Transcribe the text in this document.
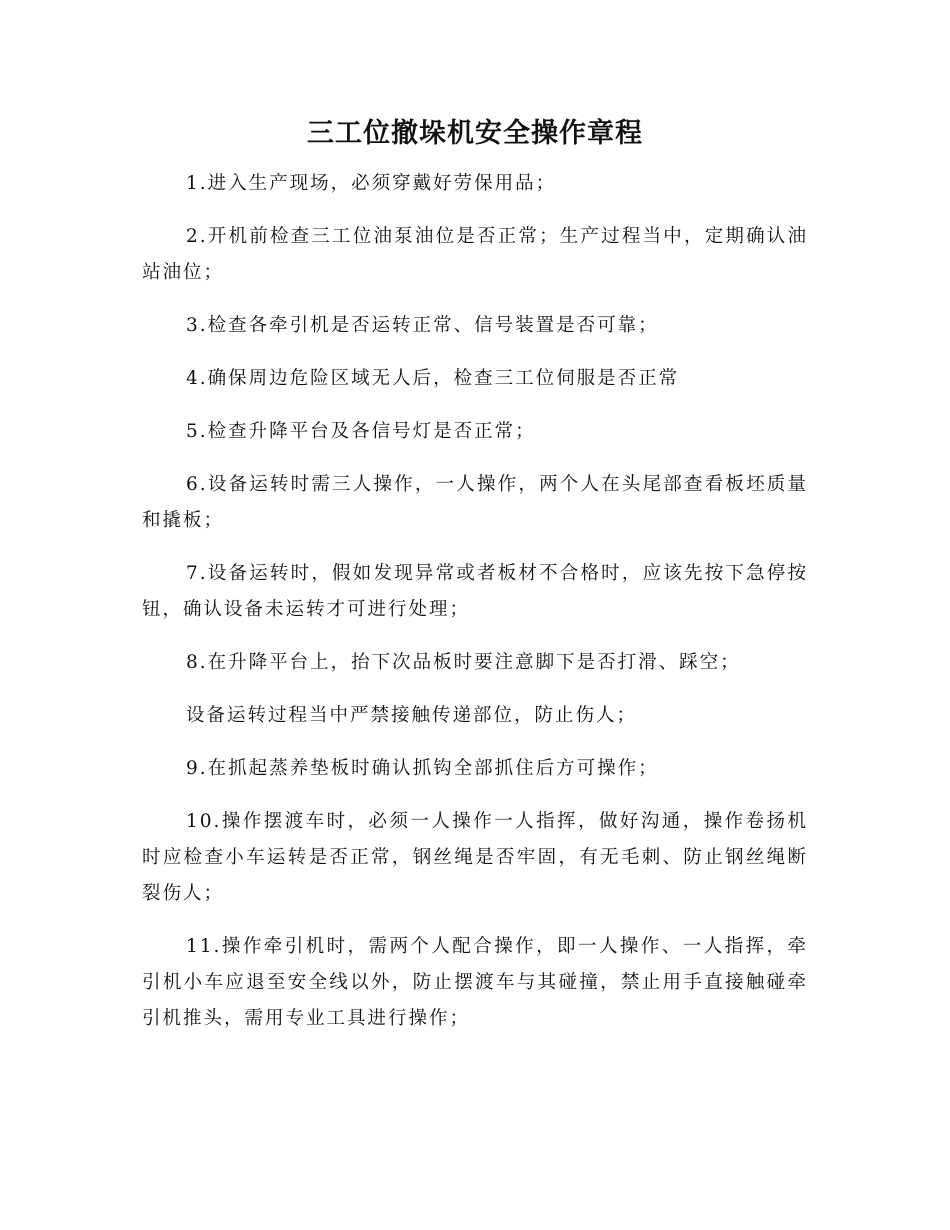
三工位撤垛机安全操作章程

1.进入生产现场，必须穿戴好劳保用品；

2.开机前检查三工位油泵油位是否正常；生产过程当中，定期确认油站油位；

3.检查各牵引机是否运转正常、信号装置是否可靠；

4.确保周边危险区域无人后，检查三工位伺服是否正常

5.检查升降平台及各信号灯是否正常；

6.设备运转时需三人操作，一人操作，两个人在头尾部查看板坯质量和撬板；

7.设备运转时，假如发现异常或者板材不合格时，应该先按下急停按钮，确认设备未运转才可进行处理；

8.在升降平台上，抬下次品板时要注意脚下是否打滑、踩空；

设备运转过程当中严禁接触传递部位，防止伤人；

9.在抓起蒸养垫板时确认抓钩全部抓住后方可操作；

10.操作摆渡车时，必须一人操作一人指挥，做好沟通，操作卷扬机时应检查小车运转是否正常，钢丝绳是否牢固，有无毛刺、防止钢丝绳断裂伤人；

11.操作牵引机时，需两个人配合操作，即一人操作、一人指挥，牵引机小车应退至安全线以外，防止摆渡车与其碰撞，禁止用手直接触碰牵引机推头，需用专业工具进行操作；
